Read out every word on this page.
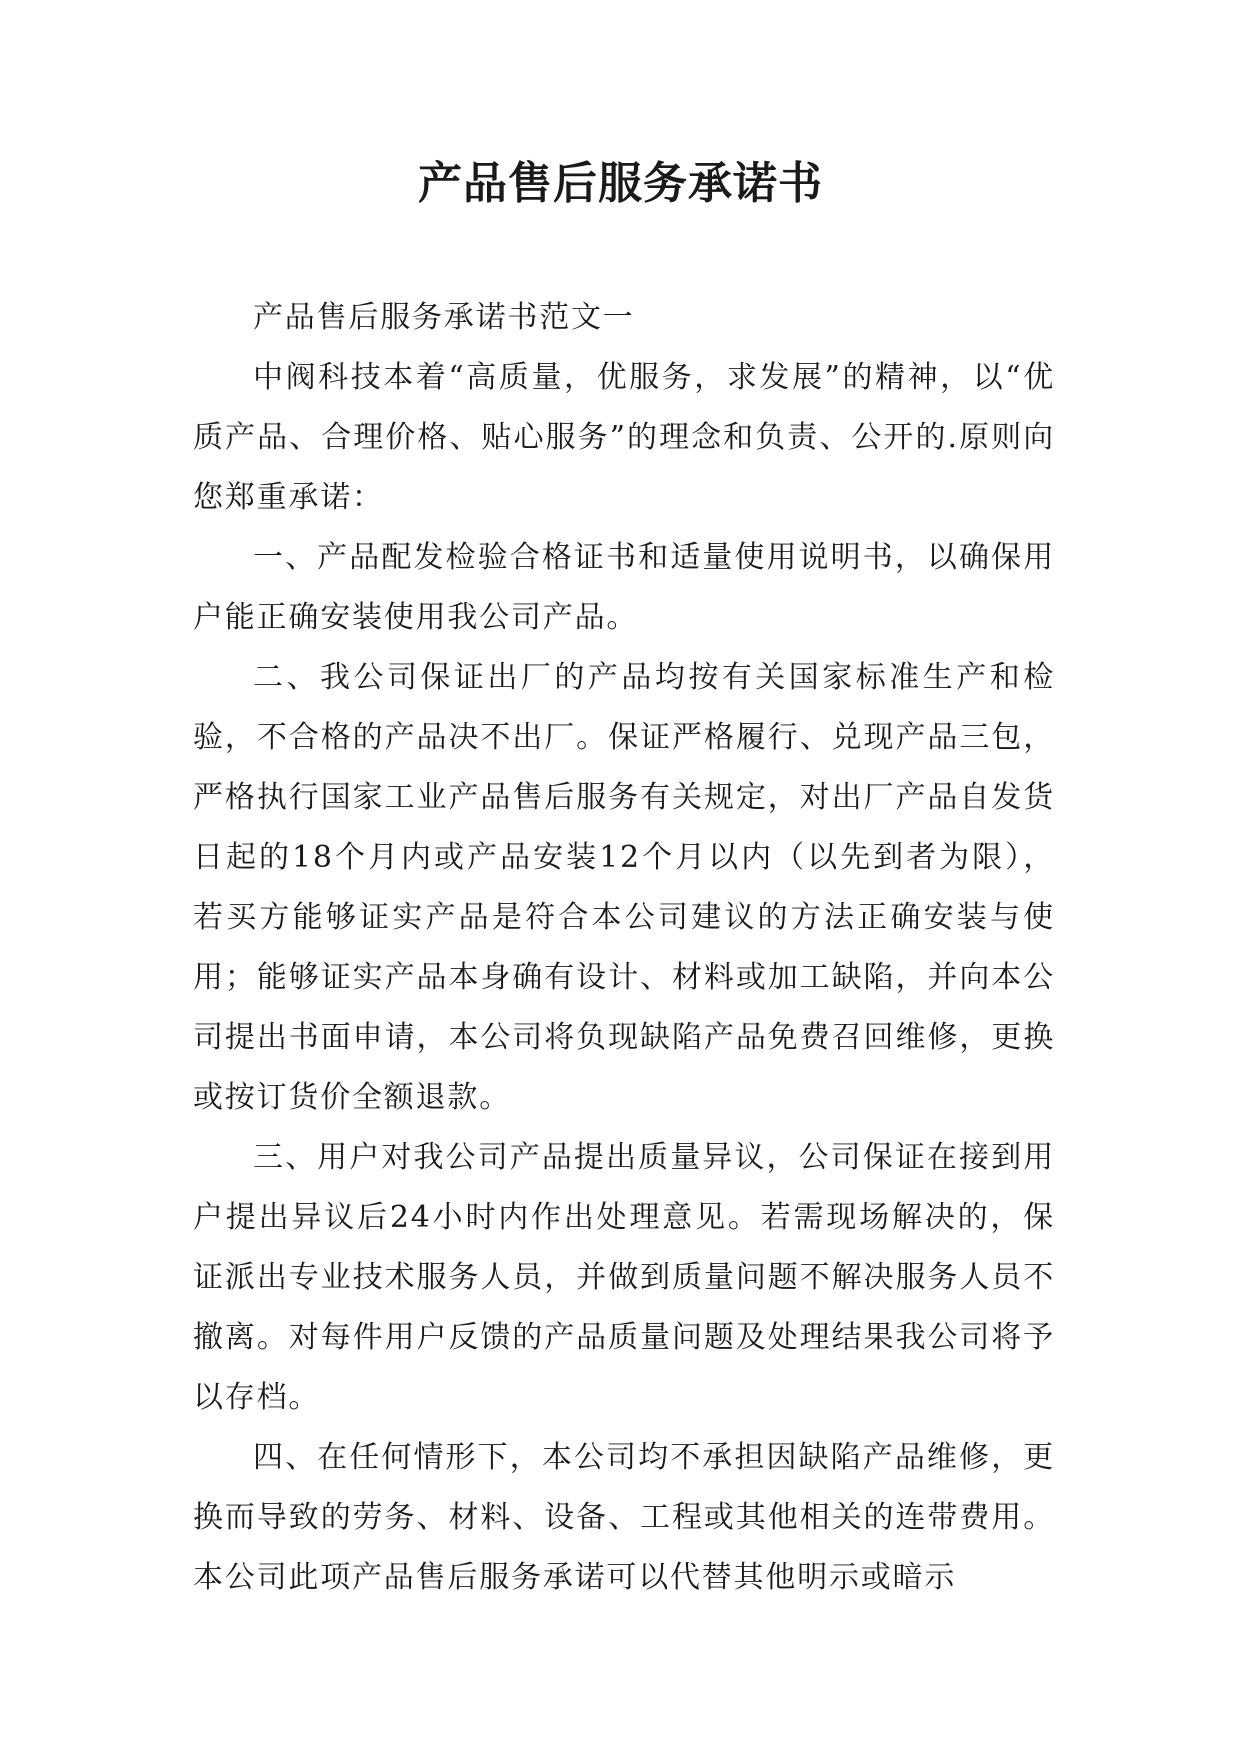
产品售后服务承诺书

产品售后服务承诺书范文一

中阀科技本着“高质量，优服务，求发展”的精神，以“优质产品、合理价格、贴心服务”的理念和负责、公开的.原则向您郑重承诺：

一、产品配发检验合格证书和适量使用说明书，以确保用户能正确安装使用我公司产品。

二、我公司保证出厂的产品均按有关国家标准生产和检验，不合格的产品决不出厂。保证严格履行、兑现产品三包，严格执行国家工业产品售后服务有关规定，对出厂产品自发货日起的18个月内或产品安装12个月以内（以先到者为限），若买方能够证实产品是符合本公司建议的方法正确安装与使用；能够证实产品本身确有设计、材料或加工缺陷，并向本公司提出书面申请，本公司将负现缺陷产品免费召回维修，更换或按订货价全额退款。

三、用户对我公司产品提出质量异议，公司保证在接到用户提出异议后24小时内作出处理意见。若需现场解决的，保证派出专业技术服务人员，并做到质量问题不解决服务人员不撤离。对每件用户反馈的产品质量问题及处理结果我公司将予以存档。

四、在任何情形下，本公司均不承担因缺陷产品维修，更换而导致的劳务、材料、设备、工程或其他相关的连带费用。本公司此项产品售后服务承诺可以代替其他明示或暗示
